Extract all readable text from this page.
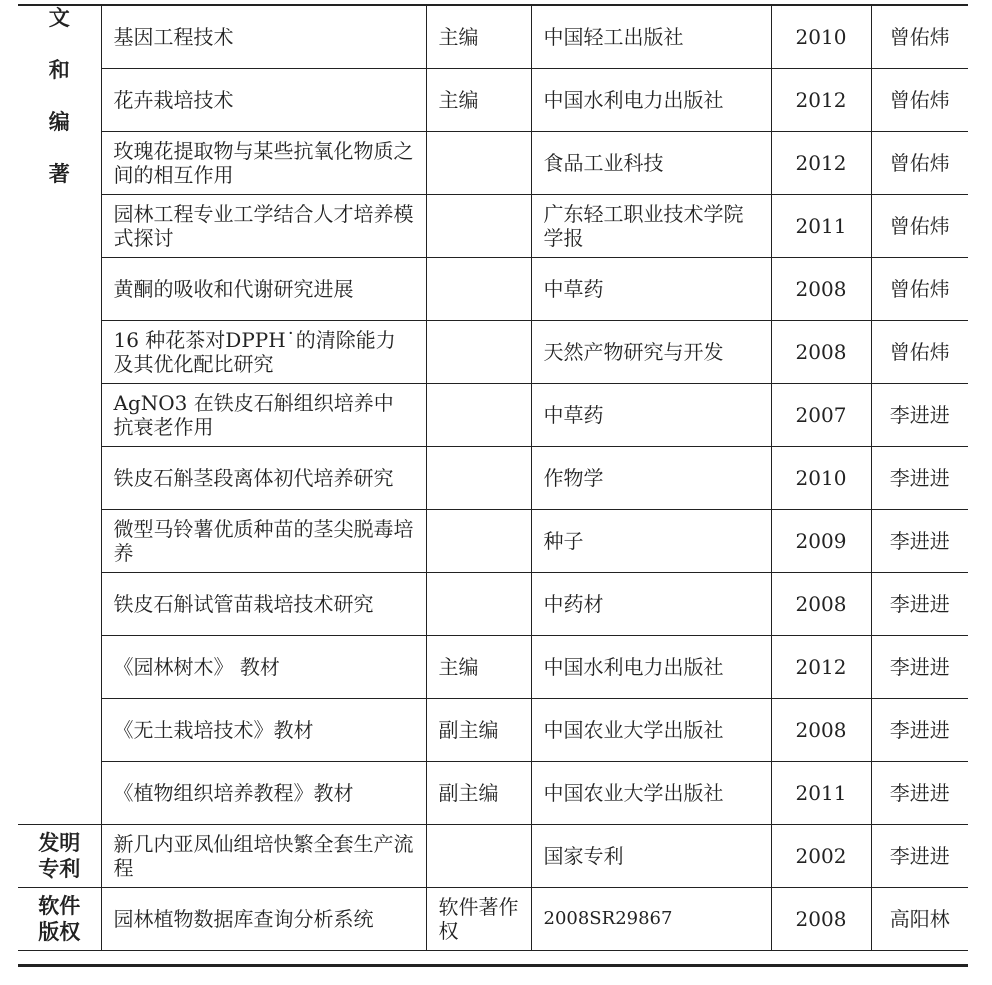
文
和
编
著	基因工程技术	主编	中国轻工出版社	2010	曾佑炜
	花卉栽培技术	主编	中国水利电力出版社	2012	曾佑炜
	玫瑰花提取物与某些抗氧化物质之间的相互作用		食品工业科技	2012	曾佑炜
	园林工程专业工学结合人才培养模式探讨		广东轻工职业技术学院学报	2011	曾佑炜
	黄酮的吸收和代谢研究进展		中草药	2008	曾佑炜
	16 种花茶对DPPH˙的清除能力及其优化配比研究		天然产物研究与开发	2008	曾佑炜
	AgNO3 在铁皮石斛组织培养中抗衰老作用		中草药	2007	李进进
	铁皮石斛茎段离体初代培养研究		作物学	2010	李进进
	微型马铃薯优质种苗的茎尖脱毒培养		种子	2009	李进进
	铁皮石斛试管苗栽培技术研究		中药材	2008	李进进
	《园林树木》 教材	主编	中国水利电力出版社	2012	李进进
	《无土栽培技术》教材	副主编	中国农业大学出版社	2008	李进进
	《植物组织培养教程》教材	副主编	中国农业大学出版社	2011	李进进

发明
专利	新几内亚凤仙组培快繁全套生产流程		国家专利	2002	李进进

软件
版权	园林植物数据库查询分析系统	软件著作权	2008SR29867	2008	高阳林
